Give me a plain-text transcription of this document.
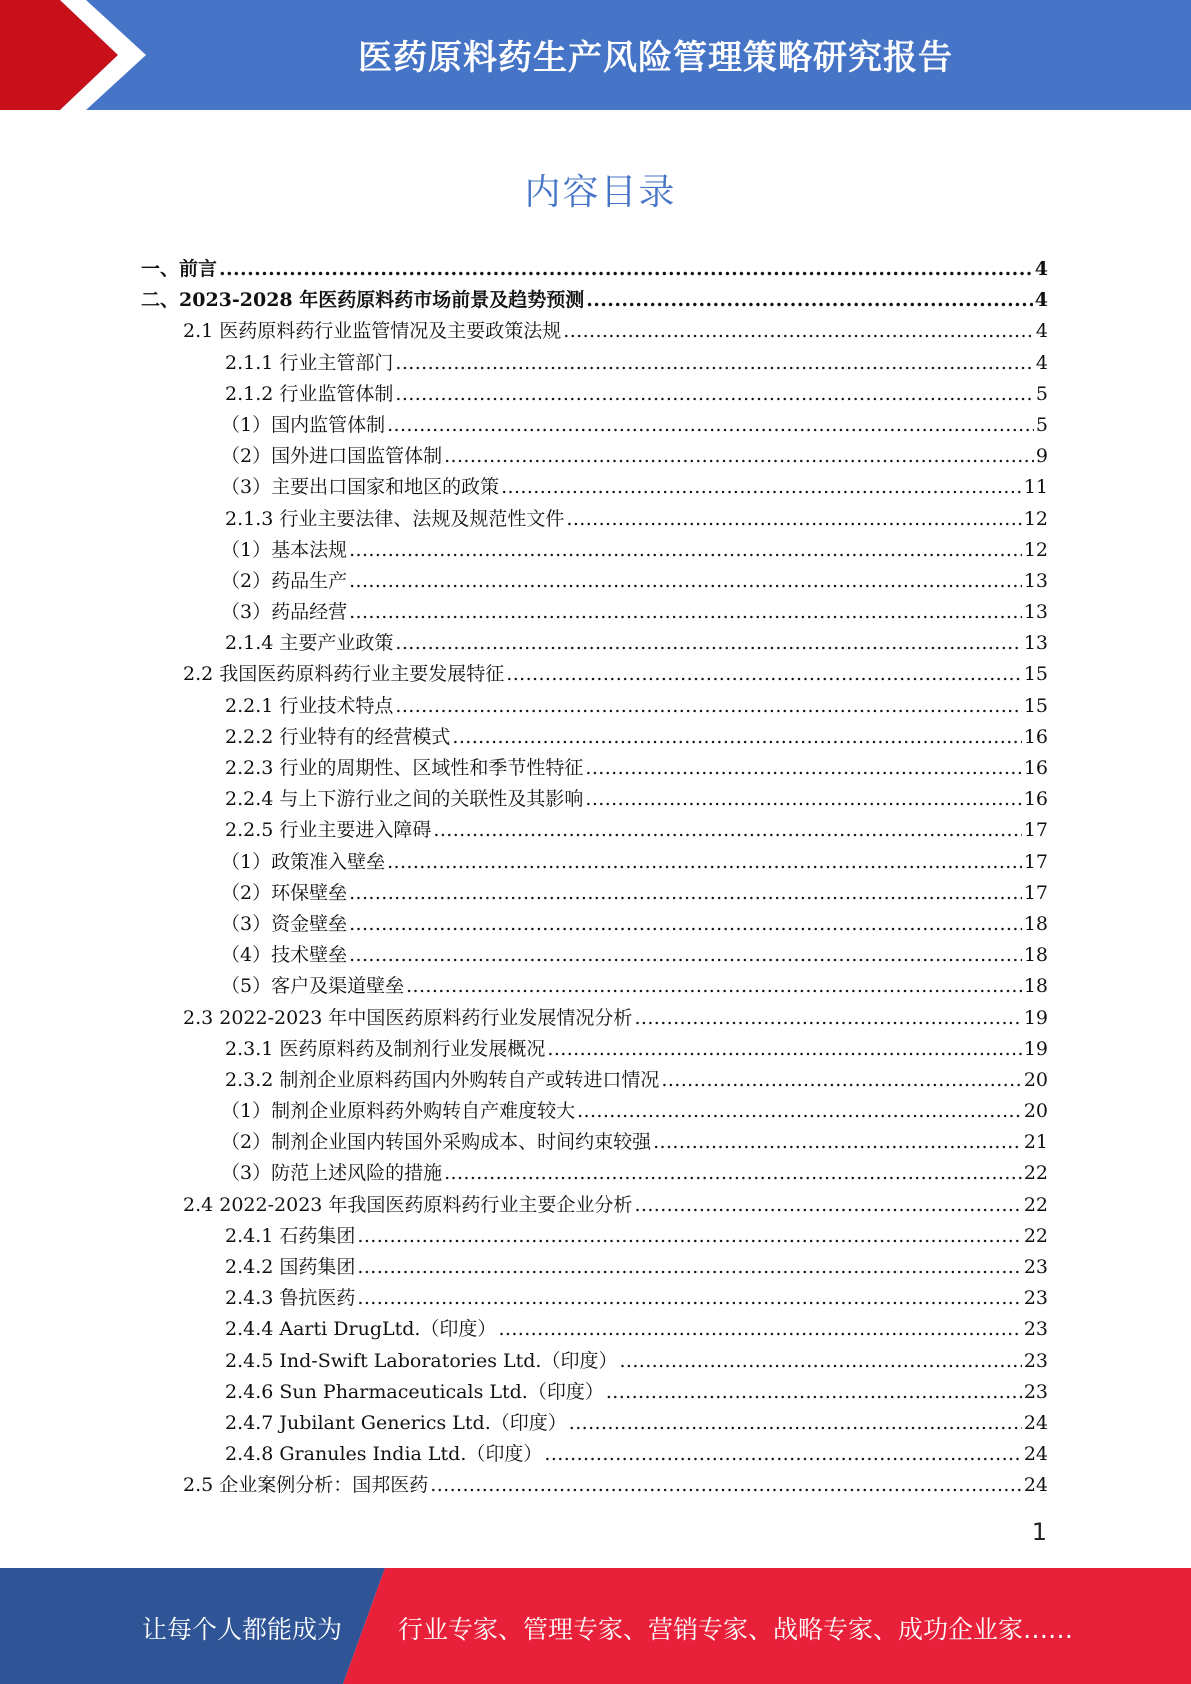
医药原料药生产风险管理策略研究报告
内容目录
一、前言 .....	4
二、2023-2028 年医药原料药市场前景及趋势预测 .....	4
2.1 医药原料药行业监管情况及主要政策法规 .....	4
2.1.1 行业主管部门 .....	4
2.1.2 行业监管体制 .....	5
（1）国内监管体制 .....	5
（2）国外进口国监管体制 .....	9
（3）主要出口国家和地区的政策 .....	11
2.1.3 行业主要法律、法规及规范性文件 .....	12
（1）基本法规 .....	12
（2）药品生产 .....	13
（3）药品经营 .....	13
2.1.4 主要产业政策 .....	13
2.2 我国医药原料药行业主要发展特征 .....	15
2.2.1 行业技术特点 .....	15
2.2.2 行业特有的经营模式 .....	16
2.2.3 行业的周期性、区域性和季节性特征 .....	16
2.2.4 与上下游行业之间的关联性及其影响 .....	16
2.2.5 行业主要进入障碍 .....	17
（1）政策准入壁垒 .....	17
（2）环保壁垒 .....	17
（3）资金壁垒 .....	18
（4）技术壁垒 .....	18
（5）客户及渠道壁垒 .....	18
2.3 2022-2023 年中国医药原料药行业发展情况分析 .....	19
2.3.1 医药原料药及制剂行业发展概况 .....	19
2.3.2 制剂企业原料药国内外购转自产或转进口情况 .....	20
（1）制剂企业原料药外购转自产难度较大 .....	20
（2）制剂企业国内转国外采购成本、时间约束较强 .....	21
（3）防范上述风险的措施 .....	22
2.4 2022-2023 年我国医药原料药行业主要企业分析 .....	22
2.4.1 石药集团 .....	22
2.4.2 国药集团 .....	23
2.4.3 鲁抗医药 .....	23
2.4.4 Aarti DrugLtd.（印度） .....	23
2.4.5 Ind-Swift Laboratories Ltd.（印度） .....	23
2.4.6 Sun Pharmaceuticals Ltd.（印度） .....	23
2.4.7 Jubilant Generics Ltd.（印度） .....	24
2.4.8 Granules India Ltd.（印度） .....	24
2.5 企业案例分析：国邦医药 .....	24
1
让每个人都能成为 行业专家、管理专家、营销专家、战略专家、成功企业家……
